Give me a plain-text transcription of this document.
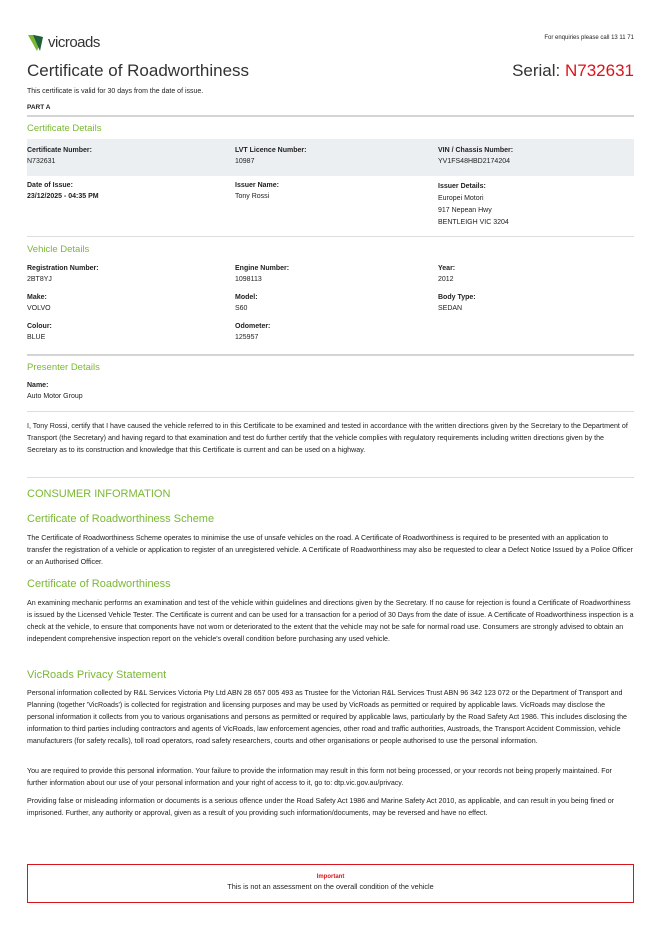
vicroads	For enquiries please call 13 11 71
Certificate of Roadworthiness	Serial: N732631
This certificate is valid for 30 days from the date of issue.
PART A
Certificate Details
Certificate Number:
N732631
LVT Licence Number:
10987
VIN / Chassis Number:
YV1FS48HBD2174204
Date of Issue:
23/12/2025 - 04:35 PM
Issuer Name:
Tony Rossi
Issuer Details:
Europei Motori
917 Nepean Hwy
BENTLEIGH VIC 3204
Vehicle Details
Registration Number:
2BT8YJ
Engine Number:
1098113
Year:
2012
Make:
VOLVO
Model:
S60
Body Type:
SEDAN
Colour:
BLUE
Odometer:
125957
Presenter Details
Name:
Auto Motor Group
I, Tony Rossi, certify that I have caused the vehicle referred to in this Certificate to be examined and tested in accordance with the written directions given by the Secretary to the Department of Transport (the Secretary) and having regard to that examination and test do further certify that the vehicle complies with regulatory requirements including written directions given by the Secretary as to its construction and knowledge that this Certificate is current and can be used on a highway.
CONSUMER INFORMATION
Certificate of Roadworthiness Scheme
The Certificate of Roadworthiness Scheme operates to minimise the use of unsafe vehicles on the road. A Certificate of Roadworthiness is required to be presented with an application to transfer the registration of a vehicle or application to register of an unregistered vehicle. A Certificate of Roadworthiness may also be requested to clear a Defect Notice Issued by a Police Officer or an Authorised Officer.
Certificate of Roadworthiness
An examining mechanic performs an examination and test of the vehicle within guidelines and directions given by the Secretary. If no cause for rejection is found a Certificate of Roadworthiness is issued by the Licensed Vehicle Tester. The Certificate is current and can be used for a transaction for a period of 30 Days from the date of issue. A Certificate of Roadworthiness inspection is a check at the vehicle, to ensure that components have not worn or deteriorated to the extent that the vehicle may not be safe for normal road use. Consumers are strongly advised to obtain an independent comprehensive inspection report on the vehicle's overall condition before purchasing any used vehicle.
VicRoads Privacy Statement
Personal information collected by R&L Services Victoria Pty Ltd ABN 28 657 005 493 as Trustee for the Victorian R&L Services Trust ABN 96 342 123 072 or the Department of Transport and Planning (together 'VicRoads') is collected for registration and licensing purposes and may be used by VicRoads as permitted or required by applicable laws. VicRoads may disclose the personal information it collects from you to various organisations and persons as permitted or required by applicable laws, particularly by the Road Safety Act 1986. This includes disclosing the information to third parties including contractors and agents of VicRoads, law enforcement agencies, other road and traffic authorities, Austroads, the Transport Accident Commission, vehicle manufacturers (for safety recalls), toll road operators, road safety researchers, courts and other organisations or people authorised to use the personal information.
You are required to provide this personal information. Your failure to provide the information may result in this form not being processed, or your records not being properly maintained. For further information about our use of your personal information and your right of access to it, go to: dtp.vic.gov.au/privacy.
Providing false or misleading information or documents is a serious offence under the Road Safety Act 1986 and Marine Safety Act 2010, as applicable, and can result in you being fined or imprisoned. Further, any authority or approval, given as a result of you providing such information/documents, may be reversed and have no effect.
Important
This is not an assessment on the overall condition of the vehicle
